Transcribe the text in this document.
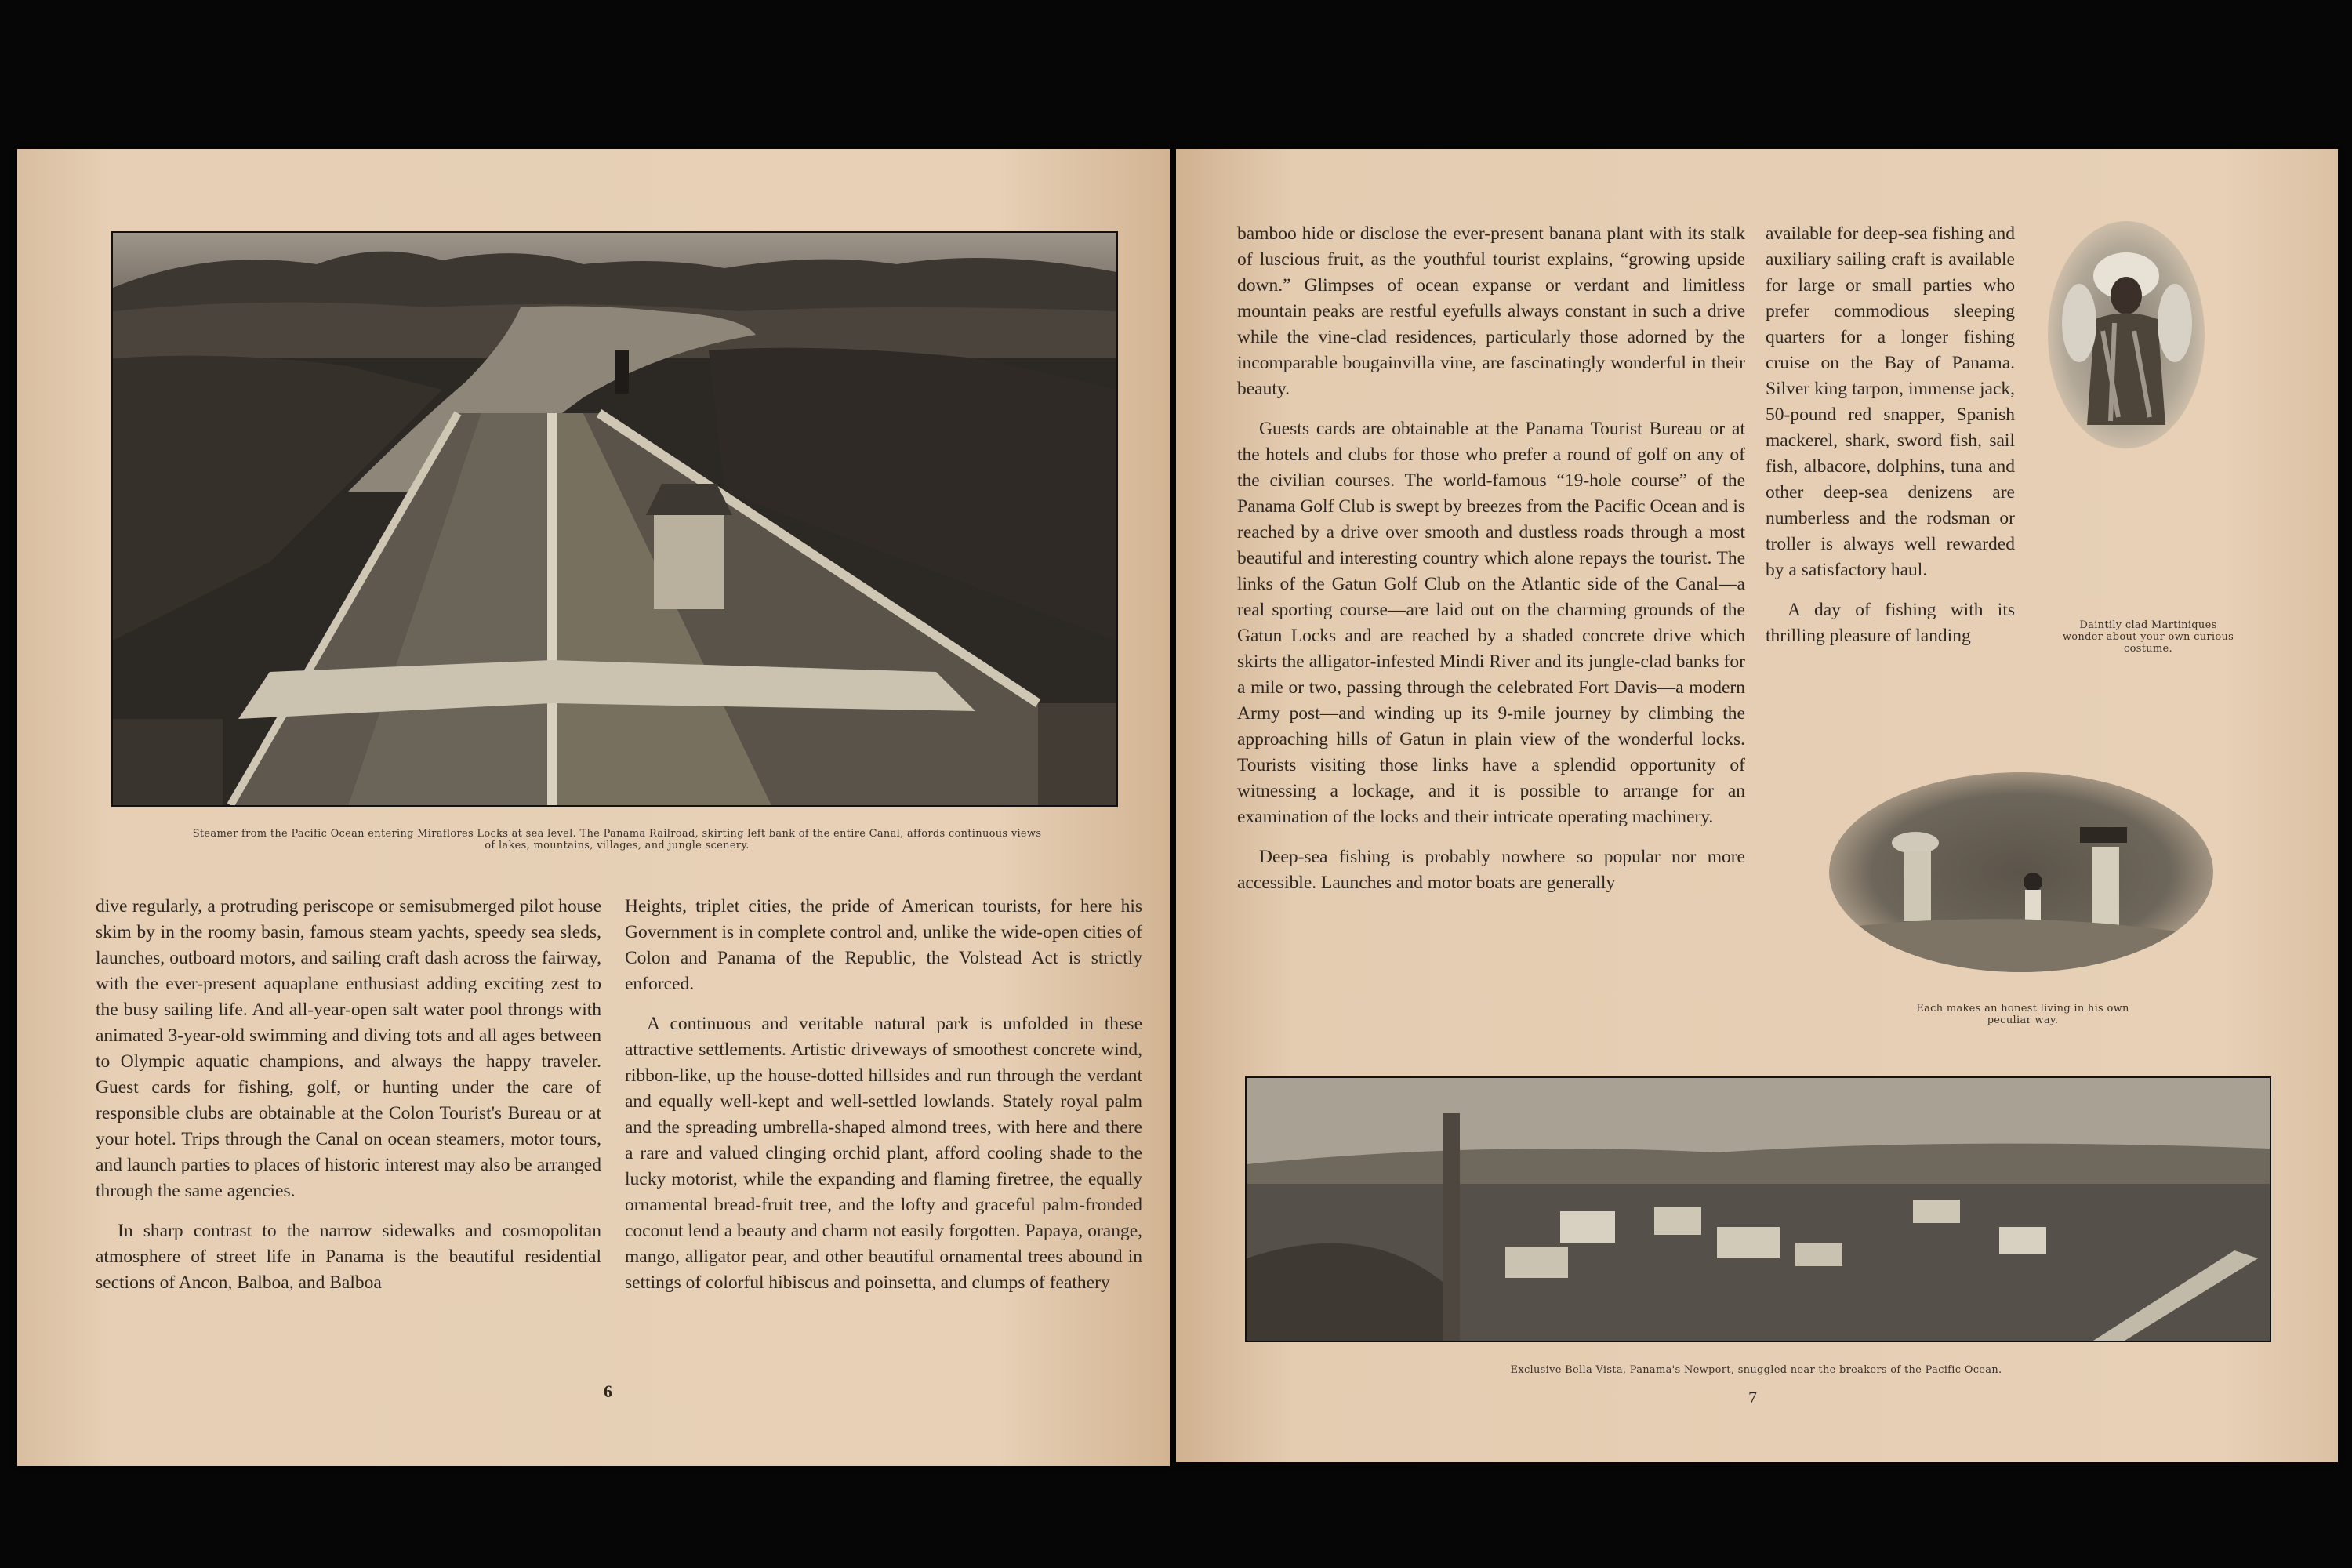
Steamer from the Pacific Ocean entering Miraflores Locks at sea level. The Panama Railroad, skirting left bank of the entire Canal, affords continuous views of lakes, mountains, villages, and jungle scenery.

dive regularly, a protruding periscope or semisubmerged pilot house skim by in the roomy basin, famous steam yachts, speedy sea sleds, launches, outboard motors, and sailing craft dash across the fairway, with the ever-present aquaplane enthusiast adding exciting zest to the busy sailing life. And all-year-open salt water pool throngs with animated 3-year-old swimming and diving tots and all ages between to Olympic aquatic champions, and always the happy traveler. Guest cards for fishing, golf, or hunting under the care of responsible clubs are obtainable at the Colon Tourist's Bureau or at your hotel. Trips through the Canal on ocean steamers, motor tours, and launch parties to places of historic interest may also be arranged through the same agencies.

In sharp contrast to the narrow sidewalks and cosmopolitan atmosphere of street life in Panama is the beautiful residential sections of Ancon, Balboa, and Balboa

Heights, triplet cities, the pride of American tourists, for here his Government is in complete control and, unlike the wide-open cities of Colon and Panama of the Republic, the Volstead Act is strictly enforced.

A continuous and veritable natural park is unfolded in these attractive settlements. Artistic driveways of smoothest concrete wind, ribbon-like, up the house-dotted hillsides and run through the verdant and equally well-kept and well-settled lowlands. Stately royal palm and the spreading umbrella-shaped almond trees, with here and there a rare and valued clinging orchid plant, afford cooling shade to the lucky motorist, while the expanding and flaming firetree, the equally ornamental bread-fruit tree, and the lofty and graceful palm-fronded coconut lend a beauty and charm not easily forgotten. Papaya, orange, mango, alligator pear, and other beautiful ornamental trees abound in settings of colorful hibiscus and poinsetta, and clumps of feathery

6

bamboo hide or disclose the ever-present banana plant with its stalk of luscious fruit, as the youthful tourist explains, “growing upside down.” Glimpses of ocean expanse or verdant and limitless mountain peaks are restful eyefulls always constant in such a drive while the vine-clad residences, particularly those adorned by the incomparable bougainvilla vine, are fascinatingly wonderful in their beauty.

Guests cards are obtainable at the Panama Tourist Bureau or at the hotels and clubs for those who prefer a round of golf on any of the civilian courses. The world-famous “19-hole course” of the Panama Golf Club is swept by breezes from the Pacific Ocean and is reached by a drive over smooth and dustless roads through a most beautiful and interesting country which alone repays the tourist. The links of the Gatun Golf Club on the Atlantic side of the Canal—a real sporting course—are laid out on the charming grounds of the Gatun Locks and are reached by a shaded concrete drive which skirts the alligator-infested Mindi River and its jungle-clad banks for a mile or two, passing through the celebrated Fort Davis—a modern Army post—and winding up its 9-mile journey by climbing the approaching hills of Gatun in plain view of the wonderful locks. Tourists visiting those links have a splendid opportunity of witnessing a lockage, and it is possible to arrange for an examination of the locks and their intricate operating machinery.

Deep-sea fishing is probably nowhere so popular nor more accessible. Launches and motor boats are generally

available for deep-sea fishing and auxiliary sailing craft is available for large or small parties who prefer commodious sleeping quarters for a longer fishing cruise on the Bay of Panama. Silver king tarpon, immense jack, 50-pound red snapper, Spanish mackerel, shark, sword fish, sail fish, albacore, dolphins, tuna and other deep-sea denizens are numberless and the rodsman or troller is always well rewarded by a satisfactory haul.

A day of fishing with its thrilling pleasure of landing

Daintily clad Martiniques wonder about your own curious costume.
Each makes an honest living in his own peculiar way.
Exclusive Bella Vista, Panama's Newport, snuggled near the breakers of the Pacific Ocean.
7
